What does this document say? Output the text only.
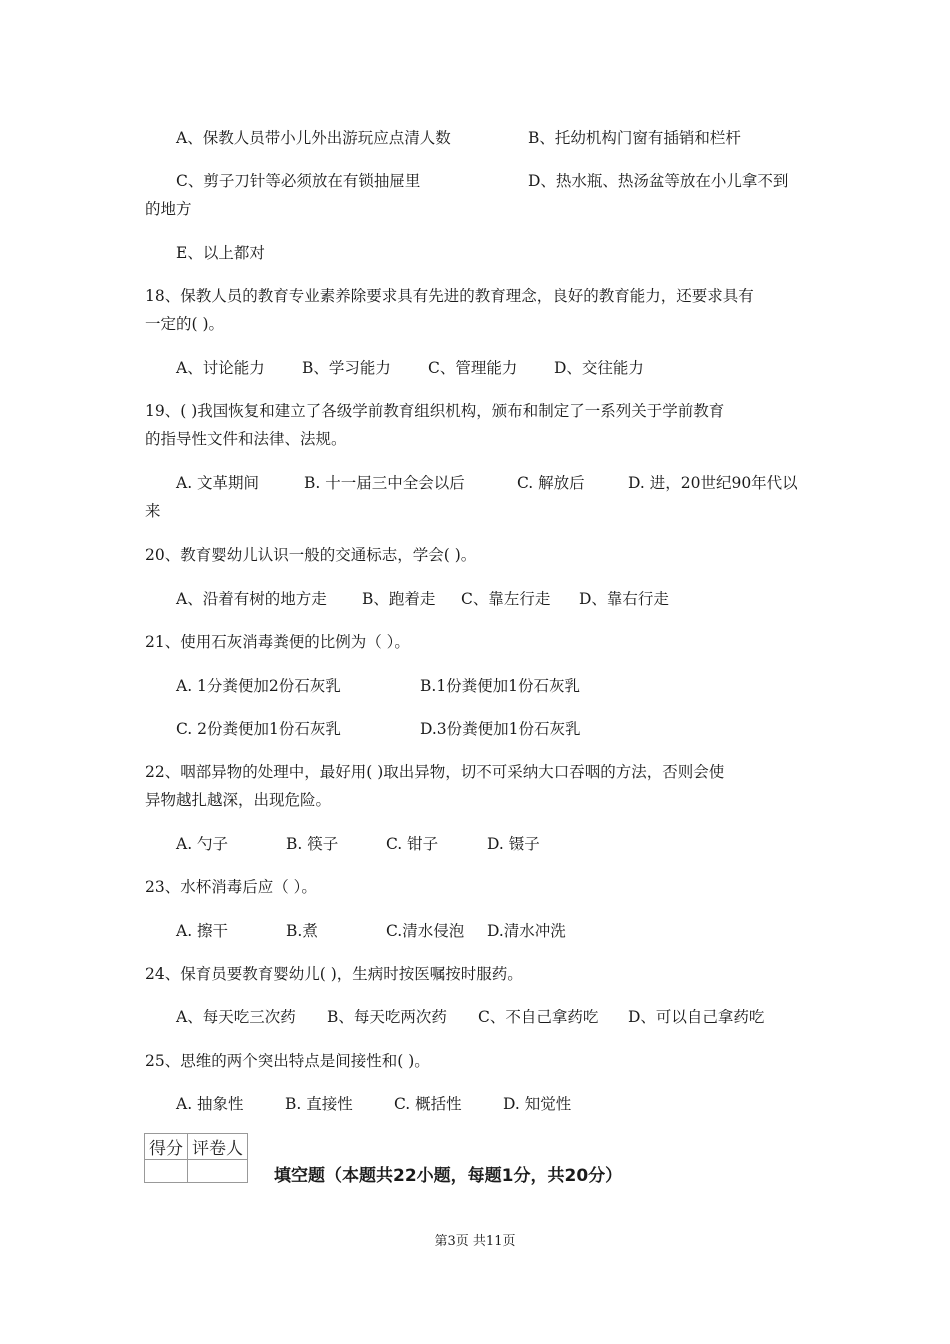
A、保教人员带小儿外出游玩应点清人数	B、托幼机构门窗有插销和栏杆
C、剪子刀针等必须放在有锁抽屉里	D、热水瓶、热汤盆等放在小儿拿不到
的地方
E、以上都对
18、保教人员的教育专业素养除要求具有先进的教育理念，良好的教育能力，还要求具有
一定的( )。
A、讨论能力	B、学习能力	C、管理能力	D、交往能力
19、( )我国恢复和建立了各级学前教育组织机构，颁布和制定了一系列关于学前教育
的指导性文件和法律、法规。
A. 文革期间	B. 十一届三中全会以后	C. 解放后	D. 进，20世纪90年代以
来
20、教育婴幼儿认识一般的交通标志，学会( )。
A、沿着有树的地方走	B、跑着走	C、靠左行走	D、靠右行走
21、使用石灰消毒粪便的比例为（ ）。
A. 1分粪便加2份石灰乳	B.1份粪便加1份石灰乳
C. 2份粪便加1份石灰乳	D.3份粪便加1份石灰乳
22、咽部异物的处理中，最好用( )取出异物，切不可采纳大口吞咽的方法，否则会使
异物越扎越深，出现危险。
A. 勺子	B. 筷子	C. 钳子	D. 镊子
23、水杯消毒后应（ ）。
A. 擦干	B.煮	C.清水侵泡	D.清水冲洗
24、保育员要教育婴幼儿( )，生病时按医嘱按时服药。
A、每天吃三次药	B、每天吃两次药	C、不自己拿药吃	D、可以自己拿药吃
25、思维的两个突出特点是间接性和( )。
A. 抽象性	B. 直接性	C. 概括性	D. 知觉性
得分	评卷人

填空题（本题共22小题，每题1分，共20分）
第3页 共11页
